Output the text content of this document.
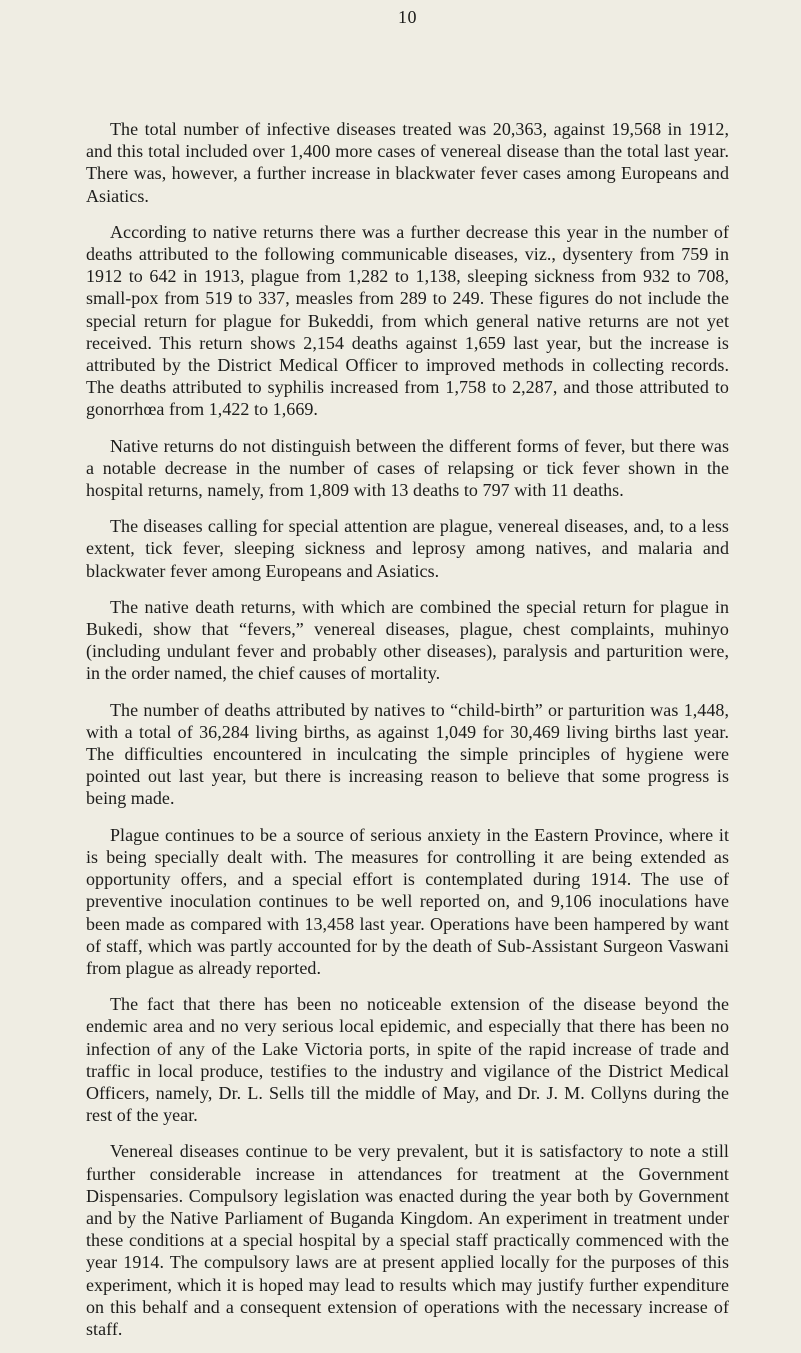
10

The total number of infective diseases treated was 20,363, against 19,568 in 1912, and this total included over 1,400 more cases of venereal disease than the total last year. There was, however, a further increase in blackwater fever cases among Europeans and Asiatics.

According to native returns there was a further decrease this year in the number of deaths attributed to the following communicable diseases, viz., dysentery from 759 in 1912 to 642 in 1913, plague from 1,282 to 1,138, sleeping sickness from 932 to 708, small-pox from 519 to 337, measles from 289 to 249. These figures do not include the special return for plague for Bukeddi, from which general native returns are not yet received. This return shows 2,154 deaths against 1,659 last year, but the increase is attributed by the District Medical Officer to improved methods in collecting records. The deaths attributed to syphilis increased from 1,758 to 2,287, and those attributed to gonorrhœa from 1,422 to 1,669.

Native returns do not distinguish between the different forms of fever, but there was a notable decrease in the number of cases of relapsing or tick fever shown in the hospital returns, namely, from 1,809 with 13 deaths to 797 with 11 deaths.

The diseases calling for special attention are plague, venereal diseases, and, to a less extent, tick fever, sleeping sickness and leprosy among natives, and malaria and blackwater fever among Europeans and Asiatics.

The native death returns, with which are combined the special return for plague in Bukedi, show that “fevers,” venereal diseases, plague, chest complaints, muhinyo (including undulant fever and probably other diseases), paralysis and parturition were, in the order named, the chief causes of mortality.

The number of deaths attributed by natives to “child-birth” or parturition was 1,448, with a total of 36,284 living births, as against 1,049 for 30,469 living births last year. The difficulties encountered in inculcating the simple principles of hygiene were pointed out last year, but there is increasing reason to believe that some progress is being made.

Plague continues to be a source of serious anxiety in the Eastern Province, where it is being specially dealt with. The measures for controlling it are being extended as opportunity offers, and a special effort is contemplated during 1914. The use of preventive inoculation continues to be well reported on, and 9,106 inoculations have been made as compared with 13,458 last year. Operations have been hampered by want of staff, which was partly accounted for by the death of Sub-Assistant Surgeon Vaswani from plague as already reported.

The fact that there has been no noticeable extension of the disease beyond the endemic area and no very serious local epidemic, and especially that there has been no infection of any of the Lake Victoria ports, in spite of the rapid increase of trade and traffic in local produce, testifies to the industry and vigilance of the District Medical Officers, namely, Dr. L. Sells till the middle of May, and Dr. J. M. Collyns during the rest of the year.

Venereal diseases continue to be very prevalent, but it is satisfactory to note a still further considerable increase in attendances for treatment at the Government Dispensaries. Compulsory legislation was enacted during the year both by Government and by the Native Parliament of Buganda Kingdom. An experiment in treatment under these conditions at a special hospital by a special staff practically commenced with the year 1914. The compulsory laws are at present applied locally for the purposes of this experiment, which it is hoped may lead to results which may justify further expenditure on this behalf and a consequent extension of operations with the necessary increase of staff.
